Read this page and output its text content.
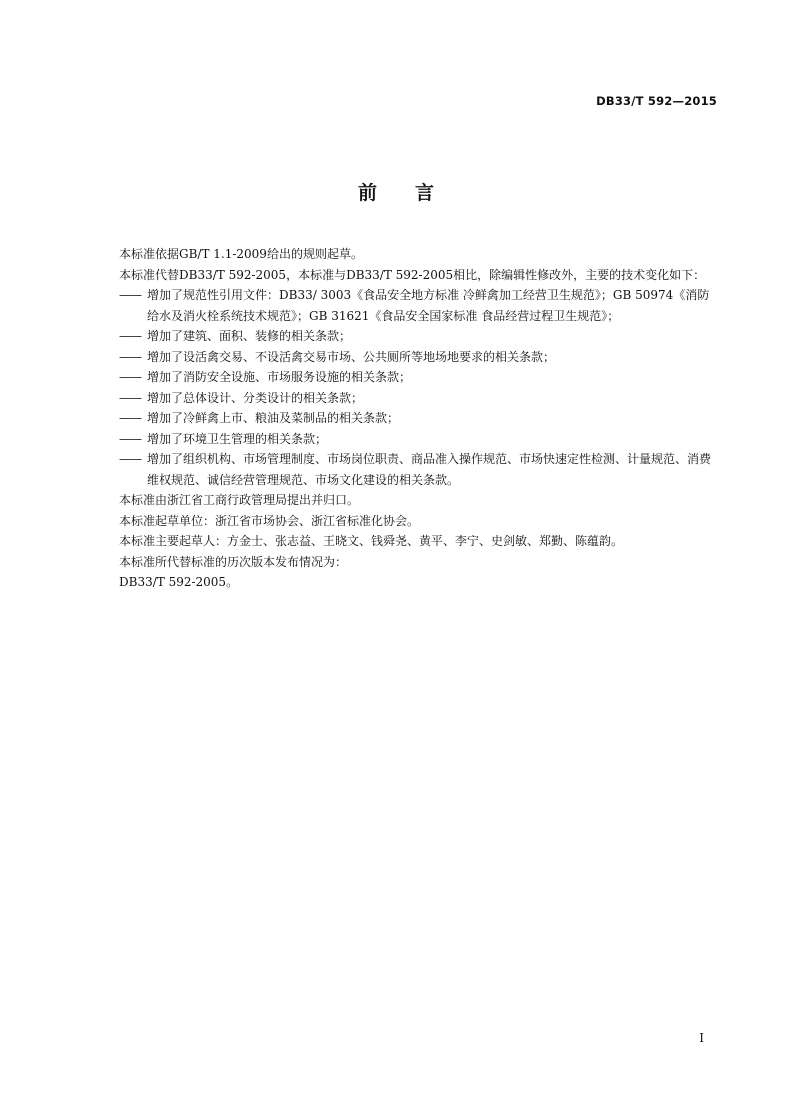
DB33/T 592—2015
前 言

本标准依据GB/T 1.1-2009给出的规则起草。

本标准代替DB33/T 592-2005，本标准与DB33/T 592-2005相比，除编辑性修改外，主要的技术变化如下：

—— 增加了规范性引用文件：DB33/ 3003《食品安全地方标准 冷鲜禽加工经营卫生规范》；GB 50974《消防给水及消火栓系统技术规范》；GB 31621《食品安全国家标准 食品经营过程卫生规范》；

—— 增加了建筑、面积、装修的相关条款；

—— 增加了设活禽交易、不设活禽交易市场、公共厕所等地场地要求的相关条款；

—— 增加了消防安全设施、市场服务设施的相关条款；

—— 增加了总体设计、分类设计的相关条款；

—— 增加了冷鲜禽上市、粮油及菜制品的相关条款；

—— 增加了环境卫生管理的相关条款；

—— 增加了组织机构、市场管理制度、市场岗位职责、商品准入操作规范、市场快速定性检测、计量规范、消费维权规范、诚信经营管理规范、市场文化建设的相关条款。

本标准由浙江省工商行政管理局提出并归口。

本标准起草单位：浙江省市场协会、浙江省标准化协会。

本标准主要起草人：方金士、张志益、王晓文、钱舜尧、黄平、李宁、史剑敏、郑勤、陈蕴韵。

本标准所代替标准的历次版本发布情况为：

DB33/T 592-2005。

I
